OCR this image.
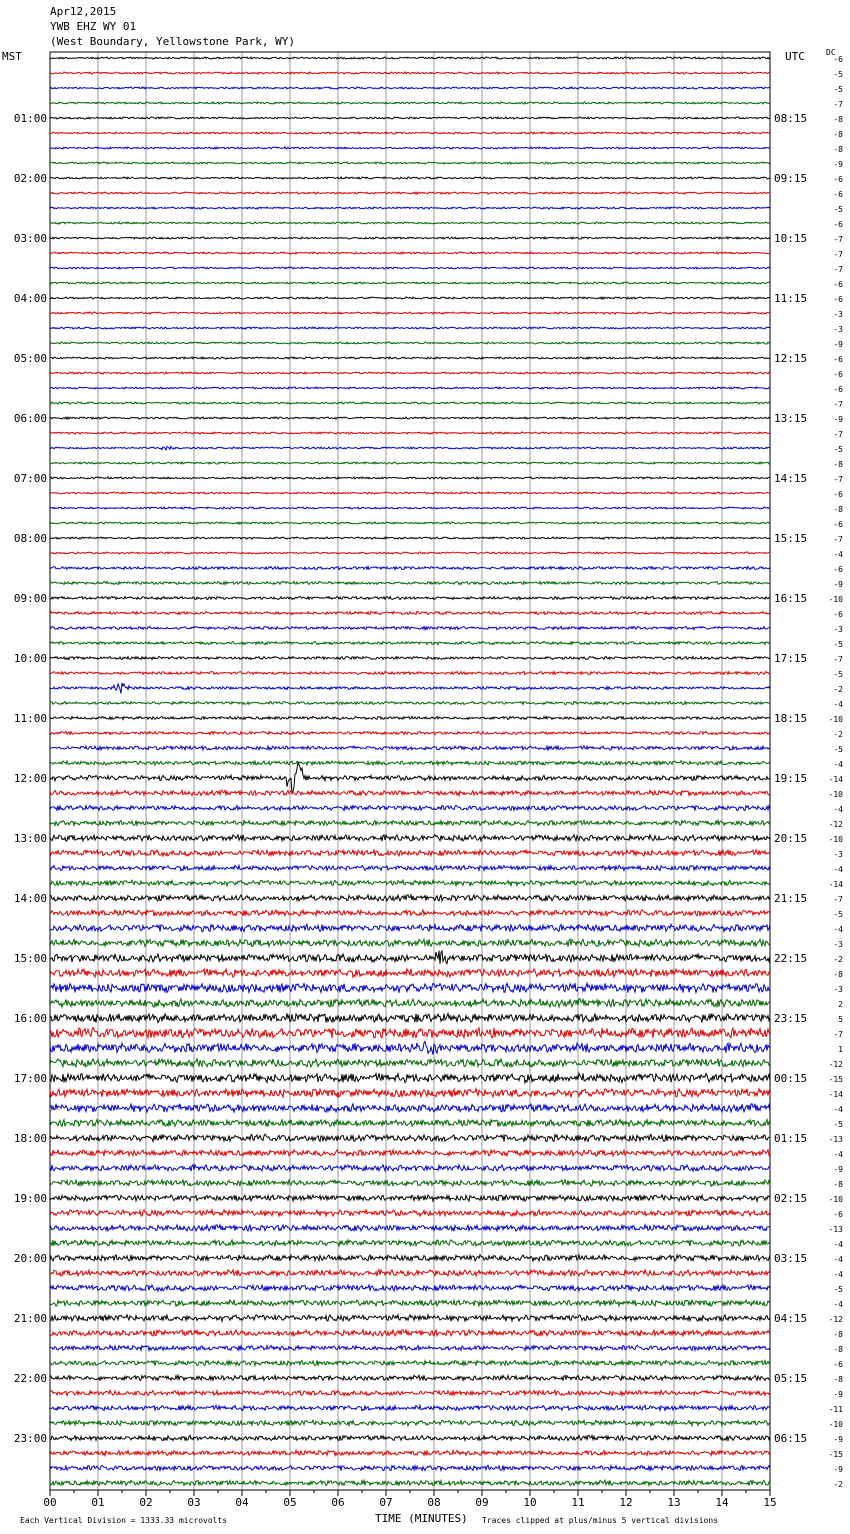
Apr12,2015
YWB EHZ WY 01
(West Boundary, Yellowstone Park, WY)
MST	UTC	DC
00	01	02	03	04	05	06	07	08	09	10	11	12	13	14	15
-6
-5
-5
-7
-8
01:00	08:15
-8
-8
-9
-6
02:00	09:15
-6
-5
-6
-7
03:00	10:15
-7
-7
-6
-6
04:00	11:15
-3
-3
-9
-6
05:00	12:15
-6
-6
-7
-9
06:00	13:15
-7
-5
-8
-7
07:00	14:15
-6
-8
-6
-7
08:00	15:15
-4
-6
-9
-10
09:00	16:15
-6
-3
-5
-7
10:00	17:15
-5
-2
-4
-10
11:00	18:15
-2
-5
-4
-14
12:00	19:15
-10
-4
-12
-10
13:00	20:15
-3
-4
-14
-7
14:00	21:15
-5
-4
-3
-2
15:00	22:15
-8
-3
2
5
16:00	23:15
-7
1
-12
-15
17:00	00:15
-14
-4
-5
-13
18:00	01:15
-4
-9
-8
-10
19:00	02:15
-6
-13
-4
-4
20:00	03:15
-4
-5
-4
-12
21:00	04:15
-8
-8
-6
-8
22:00	05:15
-9
-11
-10
-9
23:00	06:15
-15
-9
-2
Each Vertical Division = 1333.33 microvolts	TIME (MINUTES) Traces clipped at plus/minus 5 vertical divisions
